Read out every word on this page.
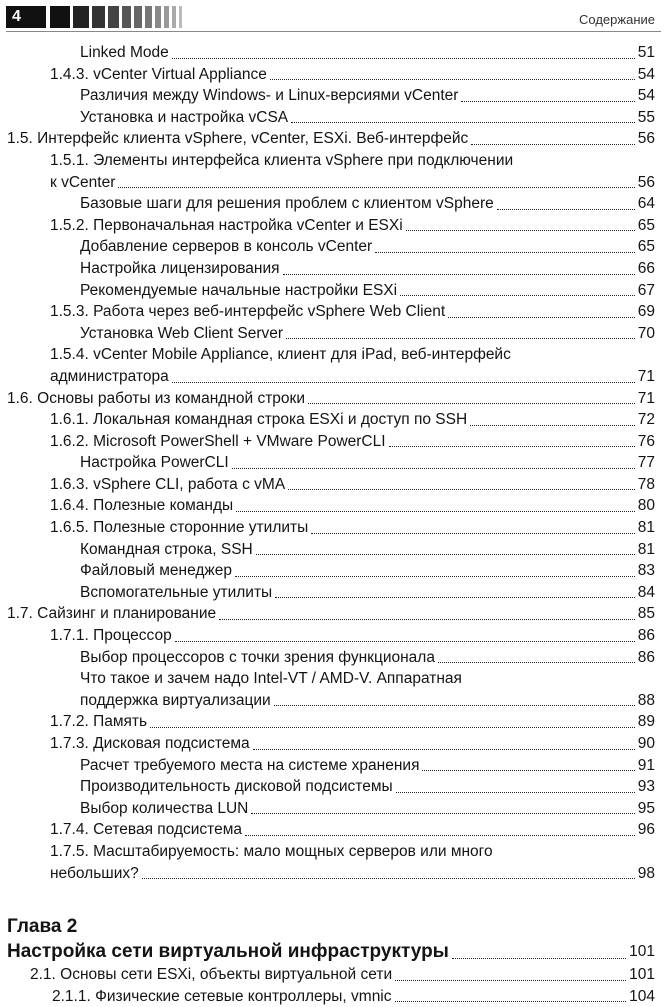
4	Содержание
Linked Mode	51
1.4.3. vCenter Virtual Appliance	54
Различия между Windows- и Linux-версиями vCenter	54
Установка и настройка vCSA	55
1.5. Интерфейс клиента vSphere, vCenter, ESXi. Веб-интерфейс	56
1.5.1. Элементы интерфейса клиента vSphere при подключении
к vCenter	56
Базовые шаги для решения проблем с клиентом vSphere	64
1.5.2. Первоначальная настройка vCenter и ESXi	65
Добавление серверов в консоль vCenter	65
Настройка лицензирования	66
Рекомендуемые начальные настройки ESXi	67
1.5.3. Работа через веб-интерфейс vSphere Web Client	69
Установка Web Client Server	70
1.5.4. vCenter Mobile Appliance, клиент для iPad, веб-интерфейс
администратора	71
1.6. Основы работы из командной строки	71
1.6.1. Локальная командная строка ESXi и доступ по SSH	72
1.6.2. Microsoft PowerShell + VMware PowerCLI	76
Настройка PowerCLI	77
1.6.3. vSphere CLI, работа с vMA	78
1.6.4. Полезные команды	80
1.6.5. Полезные сторонние утилиты	81
Командная строка, SSH	81
Файловый менеджер	83
Вспомогательные утилиты	84
1.7. Сайзинг и планирование	85
1.7.1. Процессор	86
Выбор процессоров с точки зрения функционала	86
Что такое и зачем надо Intel-VT / AMD-V. Аппаратная
поддержка виртуализации	88
1.7.2. Память	89
1.7.3. Дисковая подсистема	90
Расчет требуемого места на системе хранения	91
Производительность дисковой подсистемы	93
Выбор количества LUN	95
1.7.4. Сетевая подсистема	96
1.7.5. Масштабируемость: мало мощных серверов или много
небольших?	98
Глава 2
Настройка сети виртуальной инфраструктуры	101
2.1. Основы сети ESXi, объекты виртуальной сети	101
2.1.1. Физические сетевые контроллеры, vmnic	104
